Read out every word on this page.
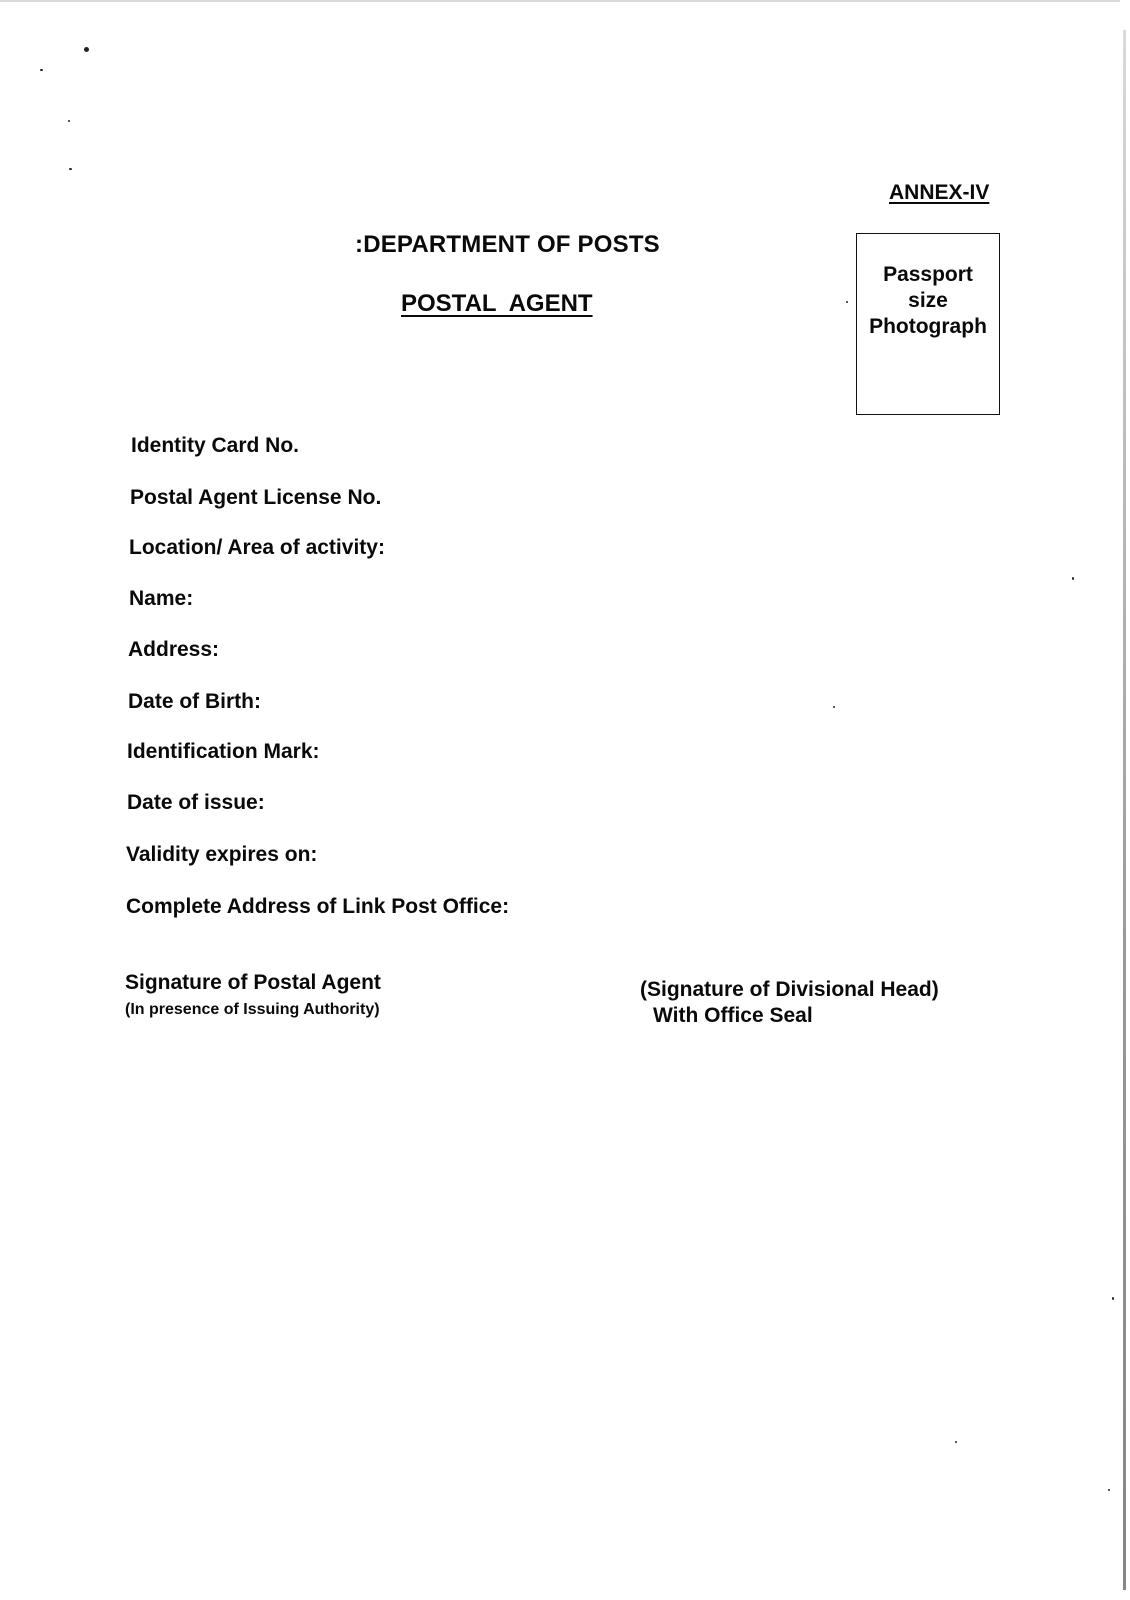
ANNEX-IV
:DEPARTMENT OF POSTS
POSTAL  AGENT
Passport
size
Photograph
Identity Card No.
Postal Agent License No.
Location/ Area of activity:
Name:
Address:
Date of Birth:
Identification Mark:
Date of issue:
Validity expires on:
Complete Address of Link Post Office:
Signature of Postal Agent
(In presence of Issuing Authority)
(Signature of Divisional Head)
With Office Seal
